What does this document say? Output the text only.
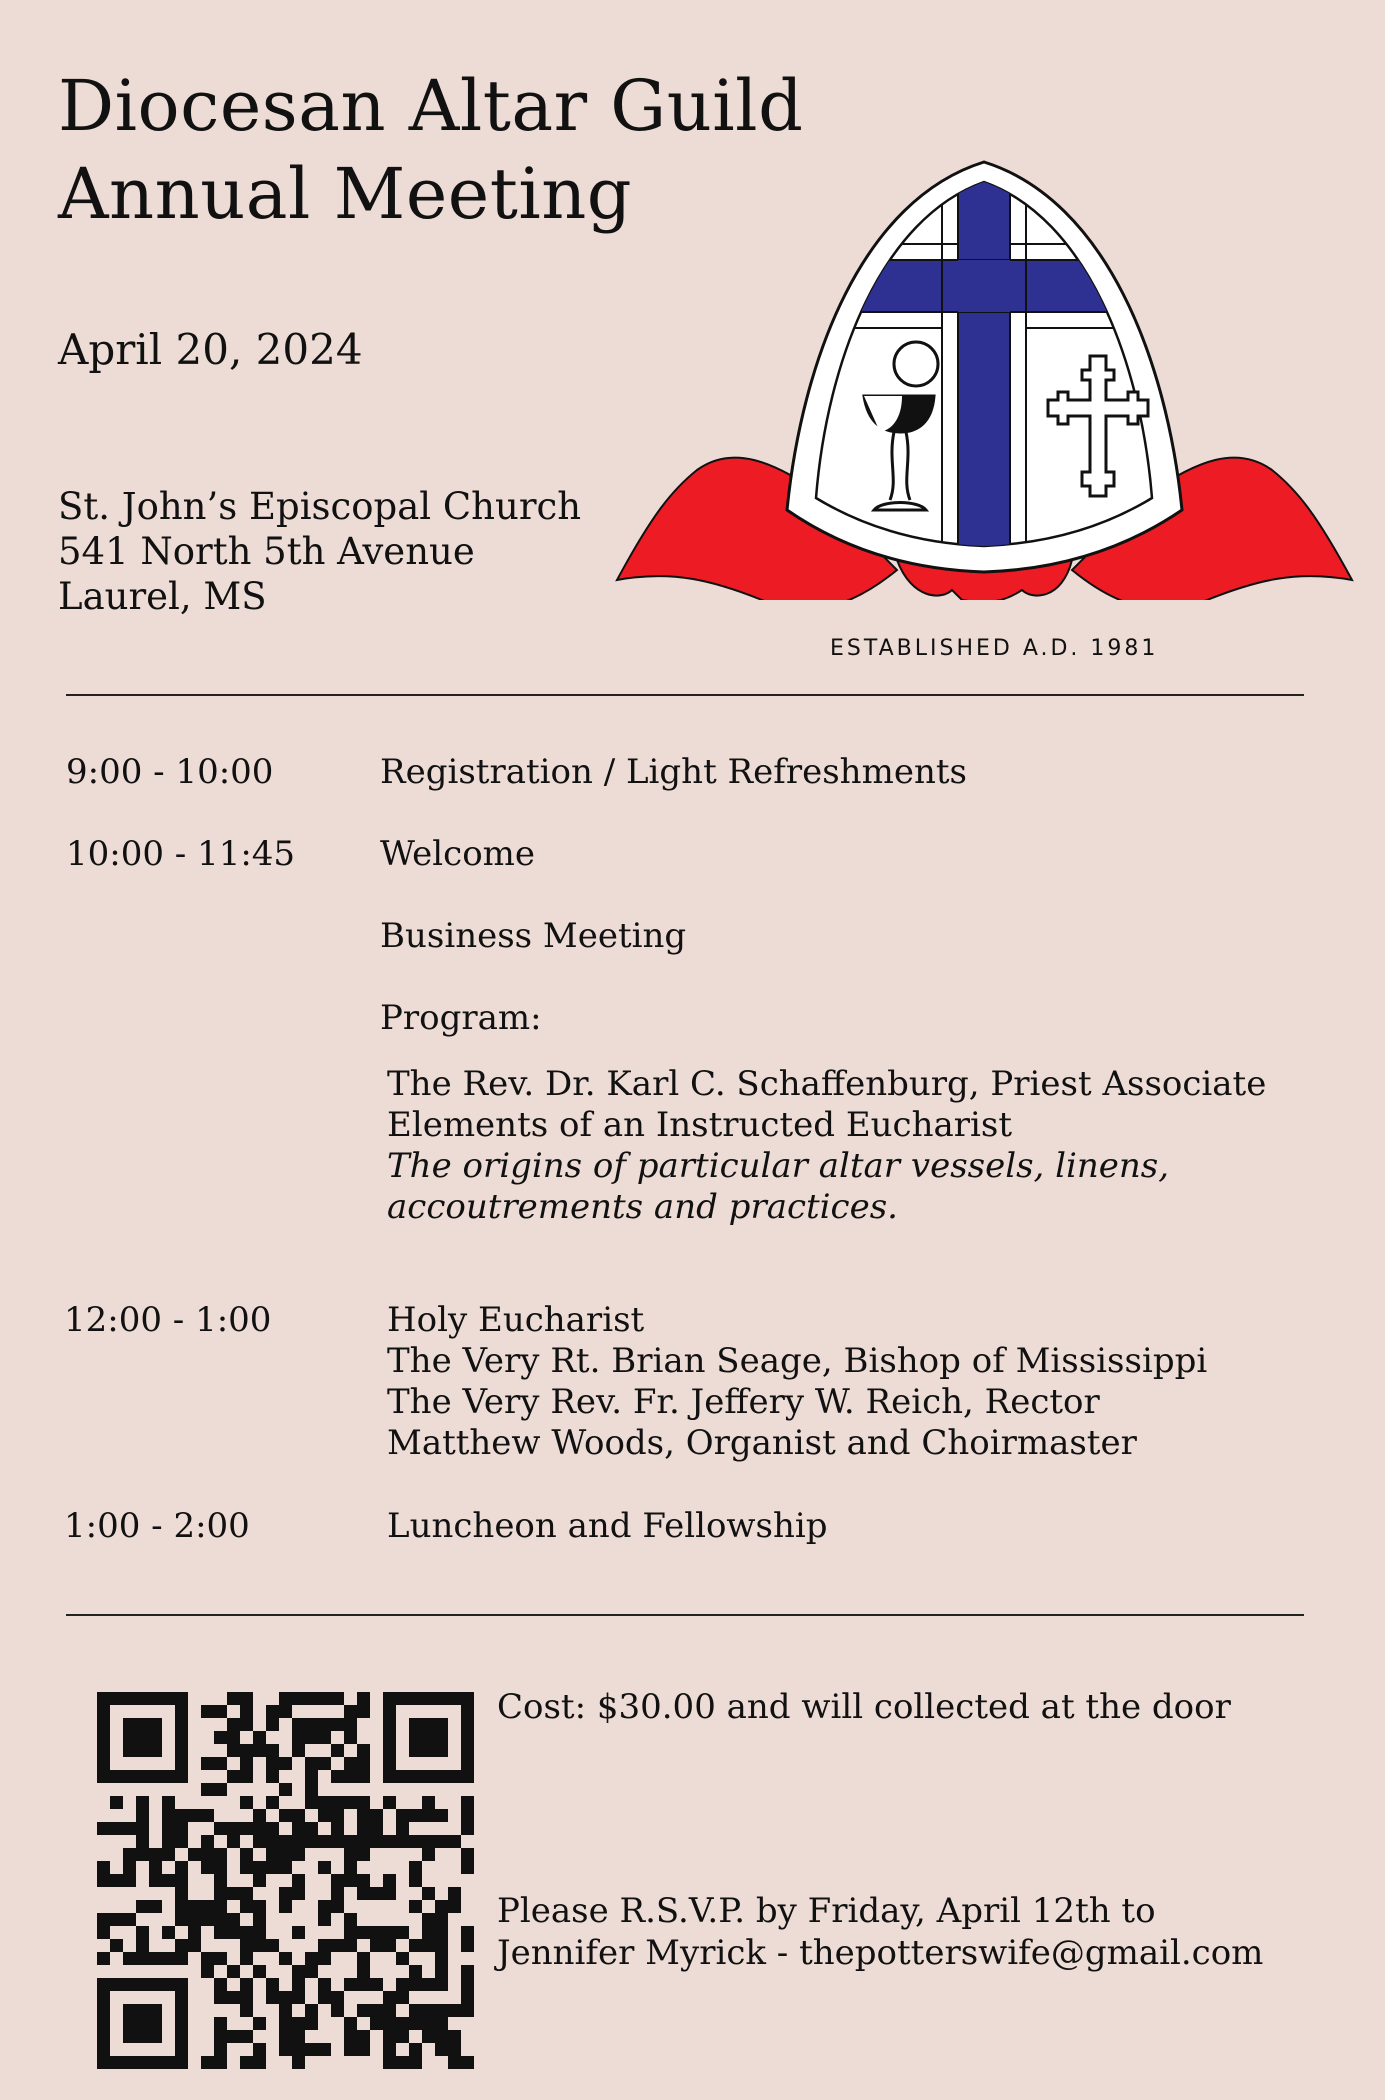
Diocesan Altar Guild
Annual Meeting
April 20, 2024
St. John’s Episcopal Church
541 North 5th Avenue
Laurel, MS
ESTABLISHED A.D. 1981
9:00 - 10:00	Registration / Light Refreshments
10:00 - 11:45 Welcome
Business Meeting
Program:
The Rev. Dr. Karl C. Schaffenburg, Priest Associate
Elements of an Instructed Eucharist
The origins of particular altar vessels, linens,
accoutrements and practices.
12:00 - 1:00	Holy Eucharist
The Very Rt. Brian Seage, Bishop of Mississippi
The Very Rev. Fr. Jeffery W. Reich, Rector
Matthew Woods, Organist and Choirmaster
1:00 - 2:00	Luncheon and Fellowship
Cost: $30.00 and will collected at the door
Please R.S.V.P. by Friday, April 12th to
Jennifer Myrick - thepotterswife@gmail.com
